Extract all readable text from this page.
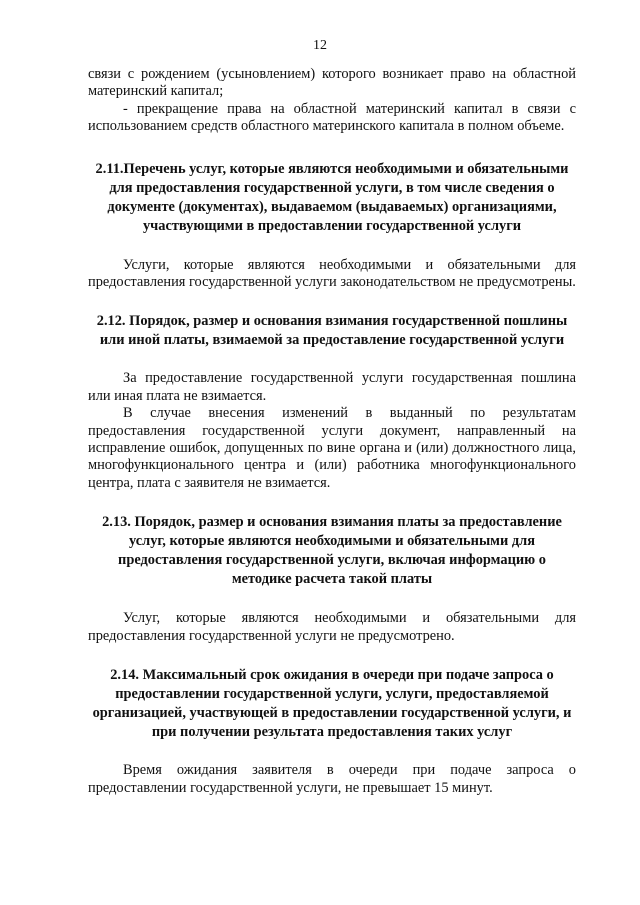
12

связи с рождением (усыновлением) которого возникает право на областной материнский капитал;

- прекращение права на областной материнский капитал в связи с использованием средств областного материнского капитала в полном объеме.

2.11.Перечень услуг, которые являются необходимыми и обязательными для предоставления государственной услуги, в том числе сведения о документе (документах), выдаваемом (выдаваемых) организациями, участвующими в предоставлении государственной услуги

Услуги, которые являются необходимыми и обязательными для предоставления государственной услуги законодательством не предусмотрены.

2.12. Порядок, размер и основания взимания государственной пошлины или иной платы, взимаемой за предоставление государственной услуги

За предоставление государственной услуги государственная пошлина или иная плата не взимается.

В случае внесения изменений в выданный по результатам предоставления государственной услуги документ, направленный на исправление ошибок, допущенных по вине органа и (или) должностного лица, многофункционального центра и (или) работника многофункционального центра, плата с заявителя не взимается.

2.13. Порядок, размер и основания взимания платы за предоставление услуг, которые являются необходимыми и обязательными для предоставления государственной услуги, включая информацию о методике расчета такой платы

Услуг, которые являются необходимыми и обязательными для предоставления государственной услуги не предусмотрено.

2.14. Максимальный срок ожидания в очереди при подаче запроса о предоставлении государственной услуги, услуги, предоставляемой организацией, участвующей в предоставлении государственной услуги, и при получении результата предоставления таких услуг

Время ожидания заявителя в очереди при подаче запроса о предоставлении государственной услуги, не превышает 15 минут.
